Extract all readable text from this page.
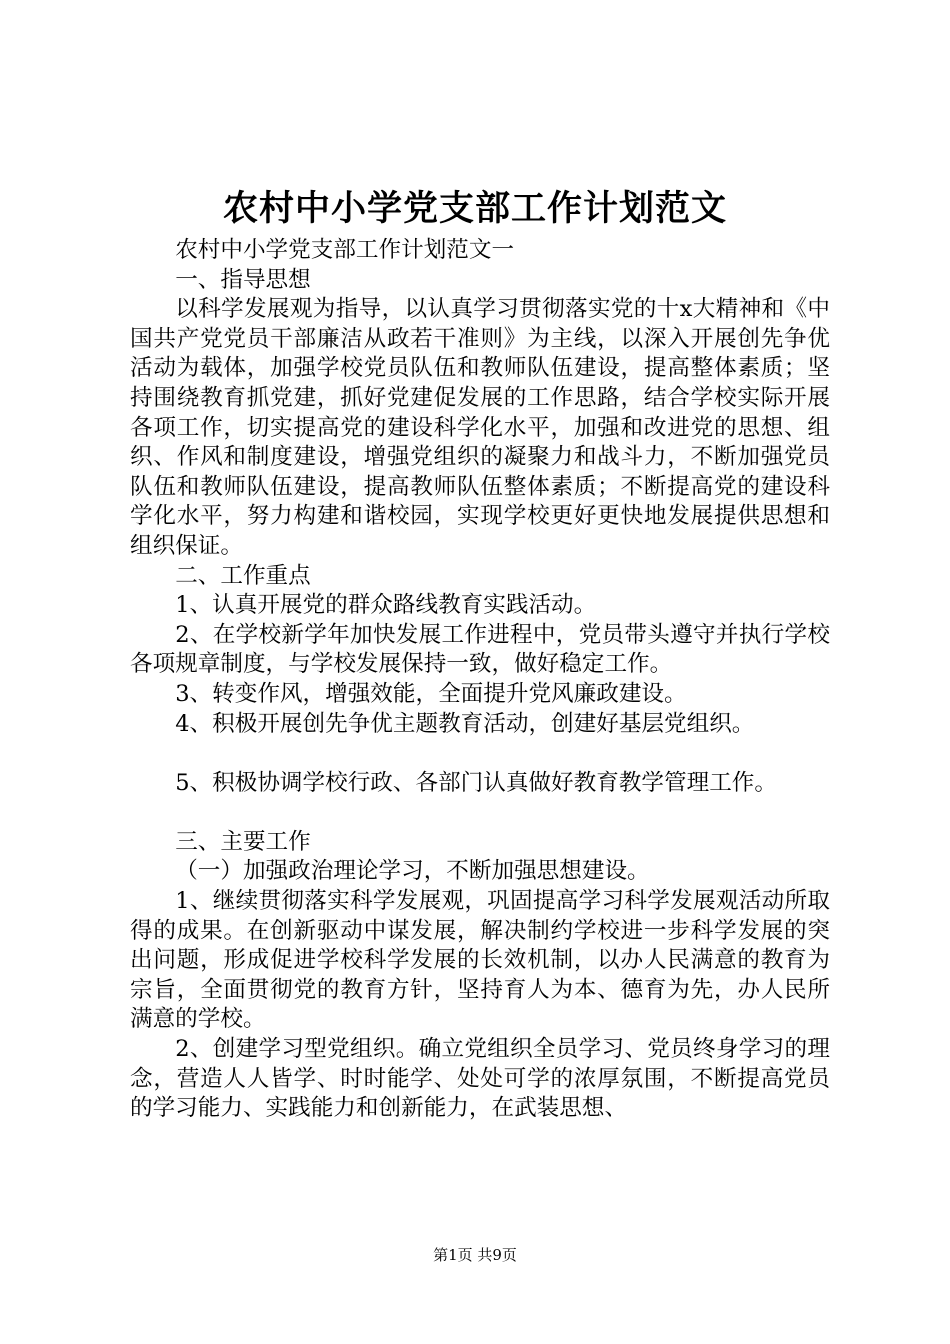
农村中小学党支部工作计划范文

农村中小学党支部工作计划范文一

一、指导思想

以科学发展观为指导，以认真学习贯彻落实党的十x大精神和《中国共产党党员干部廉洁从政若干准则》为主线，以深入开展创先争优活动为载体，加强学校党员队伍和教师队伍建设，提高整体素质；坚持围绕教育抓党建，抓好党建促发展的工作思路，结合学校实际开展各项工作，切实提高党的建设科学化水平，加强和改进党的思想、组织、作风和制度建设，增强党组织的凝聚力和战斗力，不断加强党员队伍和教师队伍建设，提高教师队伍整体素质；不断提高党的建设科学化水平，努力构建和谐校园，实现学校更好更快地发展提供思想和组织保证。

二、工作重点

1、认真开展党的群众路线教育实践活动。

2、在学校新学年加快发展工作进程中，党员带头遵守并执行学校各项规章制度，与学校发展保持一致，做好稳定工作。

3、转变作风，增强效能，全面提升党风廉政建设。

4、积极开展创先争优主题教育活动，创建好基层党组织。

5、积极协调学校行政、各部门认真做好教育教学管理工作。

三、主要工作

（一）加强政治理论学习，不断加强思想建设。

1、继续贯彻落实科学发展观，巩固提高学习科学发展观活动所取得的成果。在创新驱动中谋发展，解决制约学校进一步科学发展的突出问题，形成促进学校科学发展的长效机制，以办人民满意的教育为宗旨，全面贯彻党的教育方针，坚持育人为本、德育为先，办人民所满意的学校。

2、创建学习型党组织。确立党组织全员学习、党员终身学习的理念，营造人人皆学、时时能学、处处可学的浓厚氛围，不断提高党员的学习能力、实践能力和创新能力，在武装思想、

第1页 共9页
